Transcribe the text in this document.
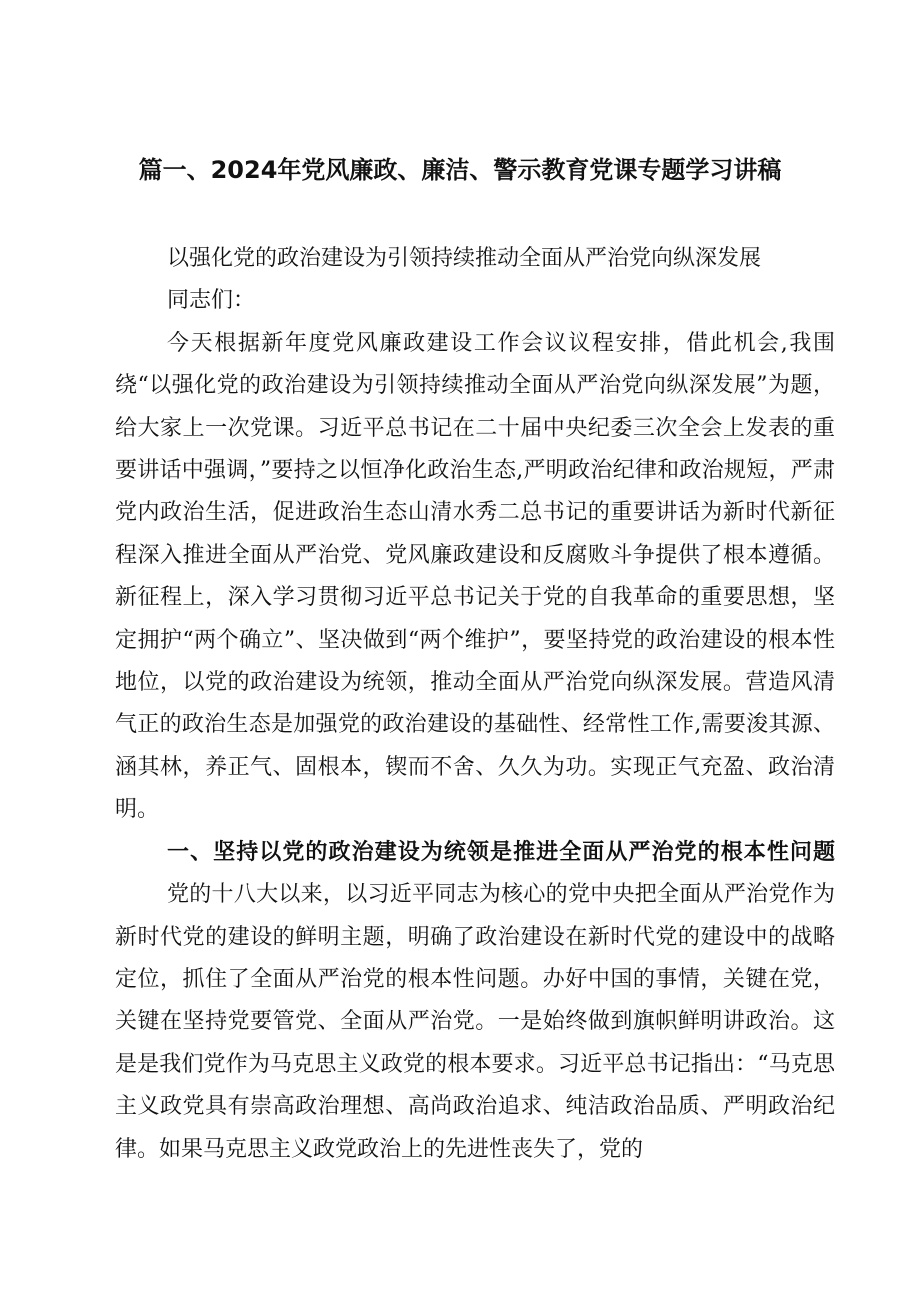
篇一、2024年党风廉政、廉洁、警示教育党课专题学习讲稿

以强化党的政治建设为引领持续推动全面从严治党向纵深发展

同志们：

今天根据新年度党风廉政建设工作会议议程安排，借此机会,我围绕“以强化党的政治建设为引领持续推动全面从严治党向纵深发展”为题，给大家上一次党课。习近平总书记在二十届中央纪委三次全会上发表的重要讲话中强调，”要持之以恒净化政治生态,严明政治纪律和政治规短，严肃党内政治生活，促进政治生态山清水秀二总书记的重要讲话为新时代新征程深入推进全面从严治党、党风廉政建设和反腐败斗争提供了根本遵循。新征程上，深入学习贯彻习近平总书记关于党的自我革命的重要思想，坚定拥护“两个确立”、坚决做到“两个维护”，要坚持党的政治建设的根本性地位，以党的政治建设为统领，推动全面从严治党向纵深发展。营造风清气正的政治生态是加强党的政治建设的基础性、经常性工作,需要浚其源、涵其林，养正气、固根本，锲而不舍、久久为功。实现正气充盈、政治清明。

一、坚持以党的政治建设为统领是推进全面从严治党的根本性问题

党的十八大以来，以习近平同志为核心的党中央把全面从严治党作为新时代党的建设的鲜明主题，明确了政治建设在新时代党的建设中的战略定位，抓住了全面从严治党的根本性问题。办好中国的事情，关键在党，关键在坚持党要管党、全面从严治党。一是始终做到旗帜鲜明讲政治。这是是我们党作为马克思主义政党的根本要求。习近平总书记指出：“马克思主义政党具有崇高政治理想、高尚政治追求、纯洁政治品质、严明政治纪律。如果马克思主义政党政治上的先进性丧失了，党的
